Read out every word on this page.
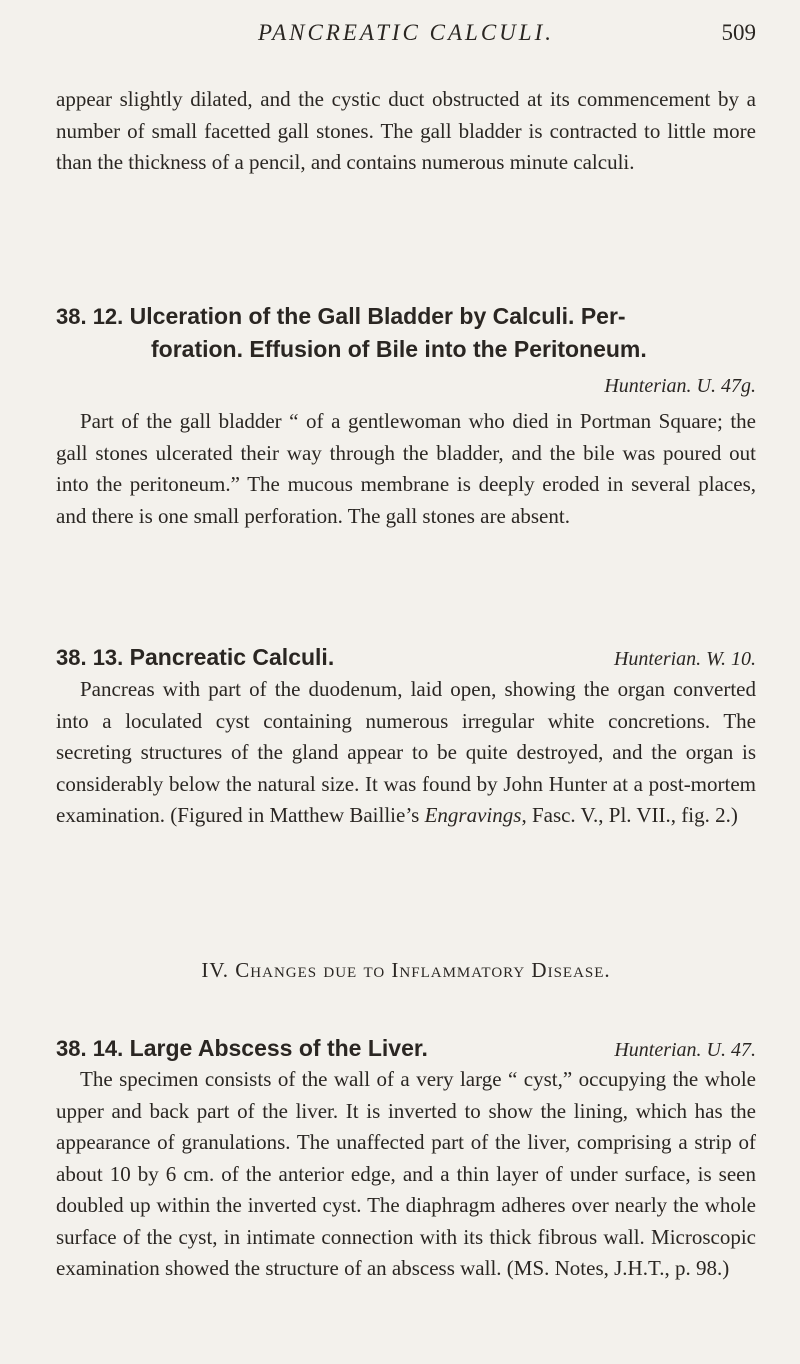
PANCREATIC CALCULI.	509

appear slightly dilated, and the cystic duct obstructed at its commencement by a number of small facetted gall stones. The gall bladder is contracted to little more than the thickness of a pencil, and contains numerous minute calculi.

38. 12. Ulceration of the Gall Bladder by Calculi. Per-
foration. Effusion of Bile into the Peritoneum.
Hunterian. U. 47g.

Part of the gall bladder “ of a gentlewoman who died in Portman Square; the gall stones ulcerated their way through the bladder, and the bile was poured out into the peritoneum.” The mucous membrane is deeply eroded in several places, and there is one small perforation. The gall stones are absent.

38. 13. Pancreatic Calculi.	Hunterian. W. 10.

Pancreas with part of the duodenum, laid open, showing the organ converted into a loculated cyst containing numerous irregular white concretions. The secreting structures of the gland appear to be quite destroyed, and the organ is considerably below the natural size. It was found by John Hunter at a post-mortem examination. (Figured in Matthew Baillie’s Engravings, Fasc. V., Pl. VII., fig. 2.)

IV. Changes due to Inflammatory Disease.
38. 14. Large Abscess of the Liver.	Hunterian. U. 47.

The specimen consists of the wall of a very large “ cyst,” occupying the whole upper and back part of the liver. It is inverted to show the lining, which has the appearance of granulations. The unaffected part of the liver, comprising a strip of about 10 by 6 cm. of the anterior edge, and a thin layer of under surface, is seen doubled up within the inverted cyst. The diaphragm adheres over nearly the whole surface of the cyst, in intimate connection with its thick fibrous wall. Microscopic examination showed the structure of an abscess wall. (MS. Notes, J.H.T., p. 98.)
